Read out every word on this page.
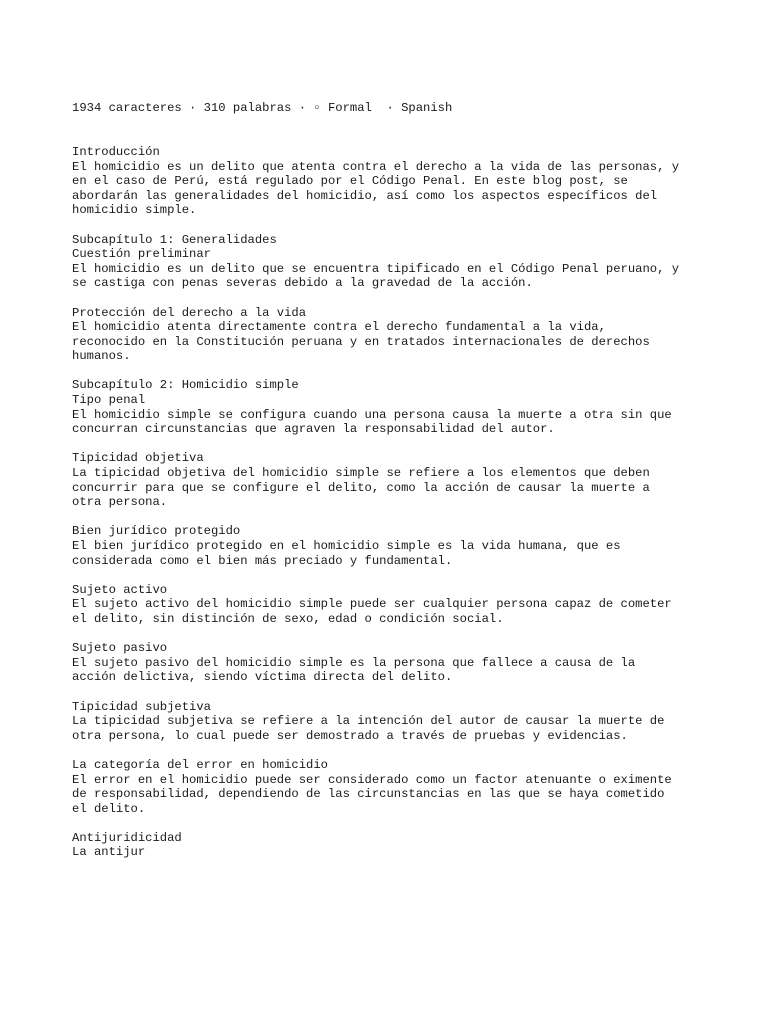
1934 caracteres · 310 palabras · ▫ Formal  · Spanish

Introducción
El homicidio es un delito que atenta contra el derecho a la vida de las personas, y
en el caso de Perú, está regulado por el Código Penal. En este blog post, se
abordarán las generalidades del homicidio, así como los aspectos específicos del
homicidio simple.
Subcapítulo 1: Generalidades
Cuestión preliminar
El homicidio es un delito que se encuentra tipificado en el Código Penal peruano, y
se castiga con penas severas debido a la gravedad de la acción.
Protección del derecho a la vida
El homicidio atenta directamente contra el derecho fundamental a la vida,
reconocido en la Constitución peruana y en tratados internacionales de derechos
humanos.
Subcapítulo 2: Homicidio simple
Tipo penal
El homicidio simple se configura cuando una persona causa la muerte a otra sin que
concurran circunstancias que agraven la responsabilidad del autor.
Tipicidad objetiva
La tipicidad objetiva del homicidio simple se refiere a los elementos que deben
concurrir para que se configure el delito, como la acción de causar la muerte a
otra persona.
Bien jurídico protegido
El bien jurídico protegido en el homicidio simple es la vida humana, que es
considerada como el bien más preciado y fundamental.
Sujeto activo
El sujeto activo del homicidio simple puede ser cualquier persona capaz de cometer
el delito, sin distinción de sexo, edad o condición social.
Sujeto pasivo
El sujeto pasivo del homicidio simple es la persona que fallece a causa de la
acción delictiva, siendo víctima directa del delito.
Tipicidad subjetiva
La tipicidad subjetiva se refiere a la intención del autor de causar la muerte de
otra persona, lo cual puede ser demostrado a través de pruebas y evidencias.
La categoría del error en homicidio
El error en el homicidio puede ser considerado como un factor atenuante o eximente
de responsabilidad, dependiendo de las circunstancias en las que se haya cometido
el delito.
Antijuridicidad
La antijur
